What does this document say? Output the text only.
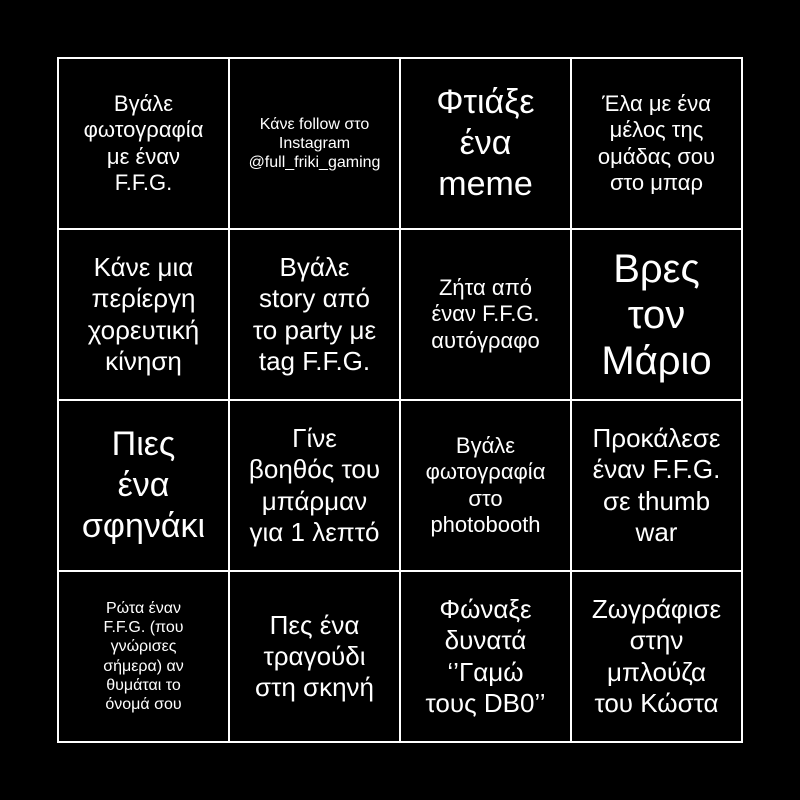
Βγάλε
φωτογραφία
με έναν
F.F.G.
Κάνε follow στο
Instagram
@full_friki_gaming
Φτιάξε
ένα
meme
Έλα με ένα
μέλος της
ομάδας σου
στο μπαρ
Κάνε μια
περίεργη
χορευτική
κίνηση
Βγάλε
story από
το party με
tag F.F.G.
Ζήτα από
έναν F.F.G.
αυτόγραφο
Βρες
τον
Μάριο
Πιες
ένα
σφηνάκι
Γίνε
βοηθός του
μπάρμαν
για 1 λεπτό
Βγάλε
φωτογραφία
στο
photobooth
Προκάλεσε
έναν F.F.G.
σε thumb
war
Ρώτα έναν
F.F.G. (που
γνώρισες
σήμερα) αν
θυμάται το
όνομά σου
Πες ένα
τραγούδι
στη σκηνή
Φώναξε
δυνατά
‘’Γαμώ
τους DB0’’
Ζωγράφισε
στην
μπλούζα
του Κώστα
